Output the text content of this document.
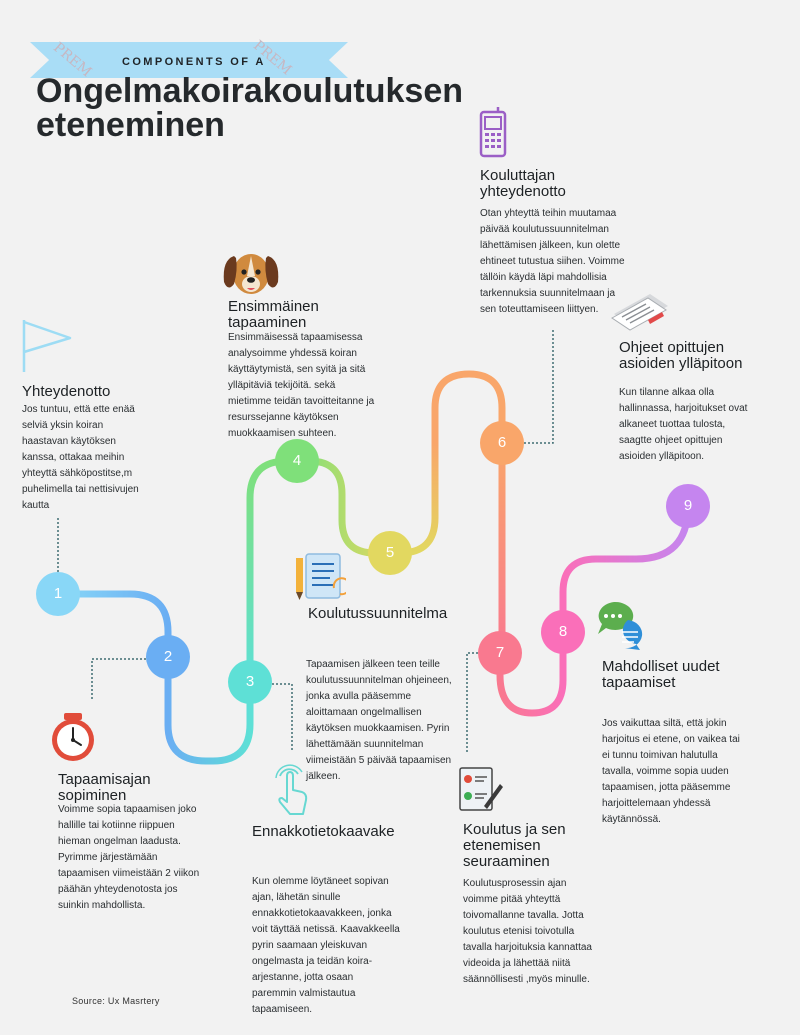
PREM	PREM
COMPONENTS OF A
Ongelmakoirakoulutuksen eteneminen
1
2
3
4
5
6
7
8
9
Yhteydenotto

Jos tuntuu, että ette enää selviä yksin koiran haastavan käytöksen kanssa, ottakaa meihin yhteyttä sähköpostitse,m puhelimella tai nettisivujen kautta

Tapaamisajan sopiminen

Voimme sopia tapaamisen joko hallille tai kotiinne riippuen hieman ongelman laadusta. Pyrimme järjestämään tapaamisen viimeistään 2 viikon päähän yhteydenotosta jos suinkin mahdollista.

Ennakkotietokaavake

Kun olemme löytäneet sopivan ajan, lähetän sinulle ennakkotietokaavakkeen, jonka voit täyttää netissä. Kaavakkeella pyrin saamaan yleiskuvan ongelmasta ja teidän koira-arjestanne, jotta osaan paremmin valmistautua tapaamiseen.

Ensimmäinen tapaaminen

Ensimmäisessä tapaamisessa analysoimme yhdessä koiran käyttäytymistä, sen syitä ja sitä ylläpitäviä tekijöitä. sekä mietimme teidän tavoitteitanne ja resurssejanne käytöksen muokkaamisen suhteen.

Koulutussuunnitelma

Tapaamisen jälkeen teen teille koulutussuunnitelman ohjeineen, jonka avulla pääsemme aloittamaan ongelmallisen käytöksen muokkaamisen. Pyrin lähettämään suunnitelman viimeistään 5 päivää tapaamisen jälkeen.

Kouluttajan yhteydenotto

Otan yhteyttä teihin muutamaa päivää koulutussuunnitelman lähettämisen jälkeen, kun olette ehtineet tutustua siihen. Voimme tällöin käydä läpi mahdollisia tarkennuksia suunnitelmaan ja sen toteuttamiseen liittyen.

Koulutus ja sen etenemisen seuraaminen

Koulutusprosessin ajan voimme pitää yhteyttä toivomallanne tavalla. Jotta koulutus etenisi toivotulla tavalla harjoituksia kannattaa videoida ja lähettää niitä säännöllisesti ,myös minulle.

Mahdolliset uudet tapaamiset

Jos vaikuttaa siltä, että jokin harjoitus ei etene, on vaikea tai ei tunnu toimivan halutulla tavalla, voimme sopia uuden tapaamisen, jotta pääsemme harjoittelemaan yhdessä käytännössä.

Ohjeet opittujen asioiden ylläpitoon

Kun tilanne alkaa olla hallinnassa, harjoitukset ovat alkaneet tuottaa tulosta, saagtte ohjeet opittujen asioiden ylläpitoon.

Source: Ux Masrtery
